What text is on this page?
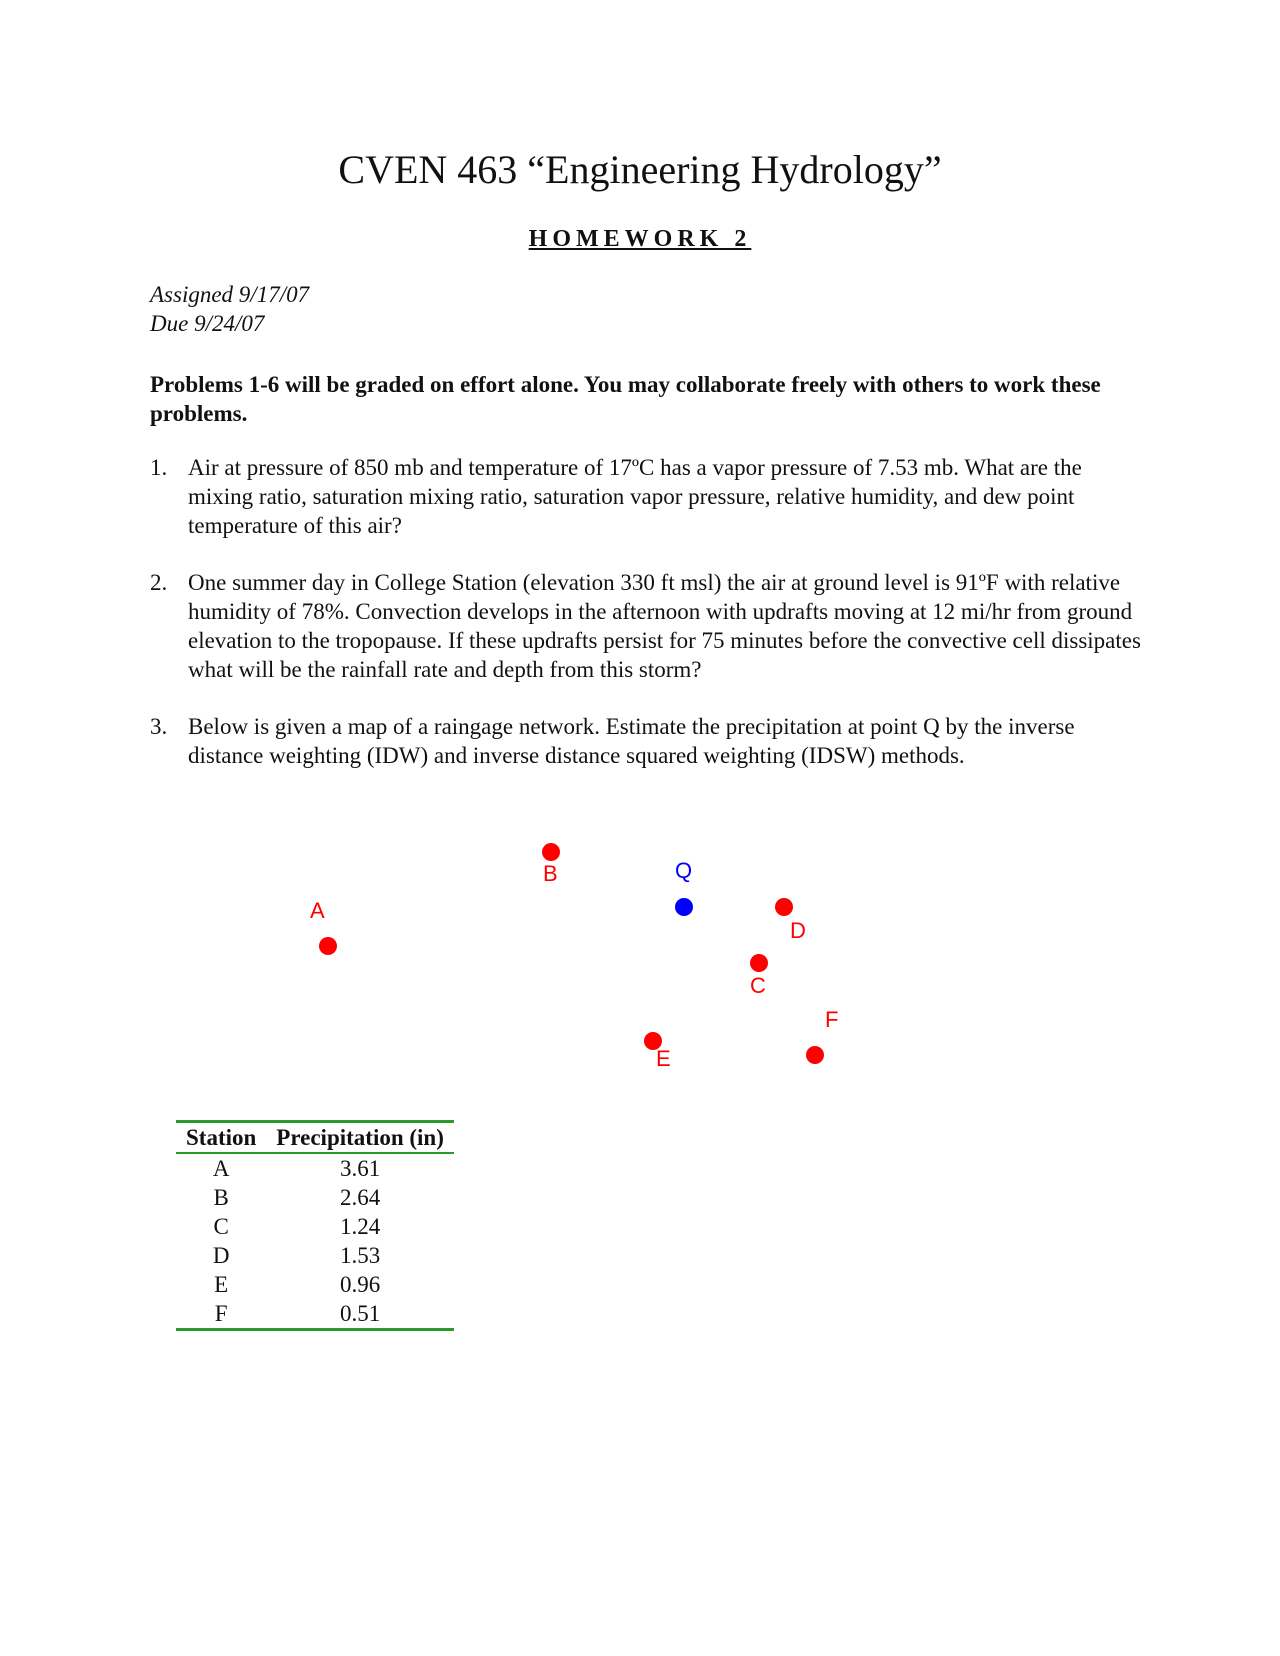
CVEN 463 “Engineering Hydrology”
HOMEWORK 2
Assigned 9/17/07
Due 9/24/07
Problems 1-6 will be graded on effort alone. You may collaborate freely with others to work these problems.
1. Air at pressure of 850 mb and temperature of 17ºC has a vapor pressure of 7.53 mb. What are the mixing ratio, saturation mixing ratio, saturation vapor pressure, relative humidity, and dew point temperature of this air?
2. One summer day in College Station (elevation 330 ft msl) the air at ground level is 91ºF with relative humidity of 78%. Convection develops in the afternoon with updrafts moving at 12 mi/hr from ground elevation to the tropopause. If these updrafts persist for 75 minutes before the convective cell dissipates what will be the rainfall rate and depth from this storm?
3. Below is given a map of a raingage network. Estimate the precipitation at point Q by the inverse distance weighting (IDW) and inverse distance squared weighting (IDSW) methods.
A
B	Q
D
C
E
F
Station	Precipitation (in)
A	3.61
B	2.64
C	1.24
D	1.53
E	0.96
F	0.51
